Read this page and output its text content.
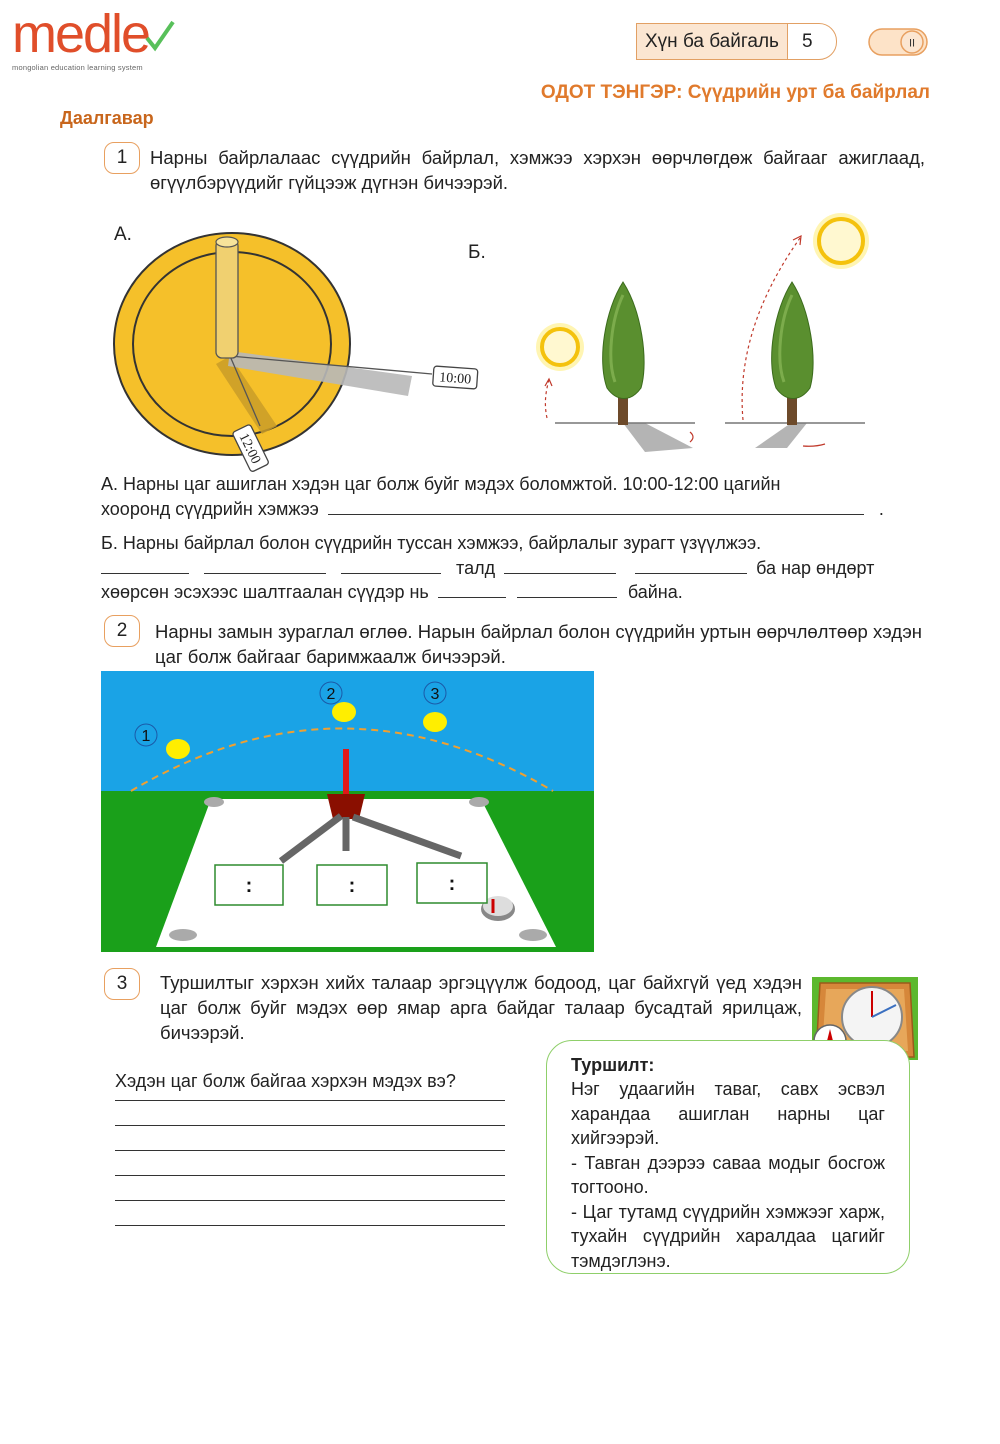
medle
mongolian education learning system
Хүн ба байгаль	5	II
ОДОТ ТЭНГЭР: Сүүдрийн урт ба байрлал
Даалгавар
1	Нарны байрлалаас сүүдрийн байрлал, хэмжээ хэрхэн өөрчлөгдөж байгааг ажиглаад, өгүүлбэрүүдийг гүйцээж дүгнэн бичээрэй.
А.
Б.
10:00
12:00
А. Нарны цаг ашиглан хэдэн цаг болж буйг мэдэх боломжтой. 10:00-12:00 цагийн
хооронд сүүдрийн хэмжээ	.
Б. Нарны байрлал болон сүүдрийн туссан хэмжээ, байрлалыг зурагт үзүүлжээ.
талд	ба нар өндөрт
хөөрсөн эсэхээс шалтгаалан сүүдэр нь	байна.
2	Нарны замын зураглал өглөө. Нарын байрлал болон сүүдрийн уртын өөрчлөлтөөр хэдэн цаг болж байгааг баримжаалж бичээрэй.
1
2	3
:	:	:
3	Туршилтыг хэрхэн хийх талаар эргэцүүлж бодоод, цаг байхгүй үед хэдэн цаг болж буйг мэдэх өөр ямар арга байдаг талаар бусадтай ярилцаж, бичээрэй.
Хэдэн цаг болж байгаа хэрхэн мэдэх вэ?
Туршилт:
Нэг удаагийн таваг, савх эсвэл харандаа ашиглан нарны цаг хийгээрэй.
- Тавган дээрээ саваа модыг босгож тогтооно.
- Цаг тутамд сүүдрийн хэмжээг харж, тухайн сүүдрийн хаpалдаа цагийг тэмдэглэнэ.
